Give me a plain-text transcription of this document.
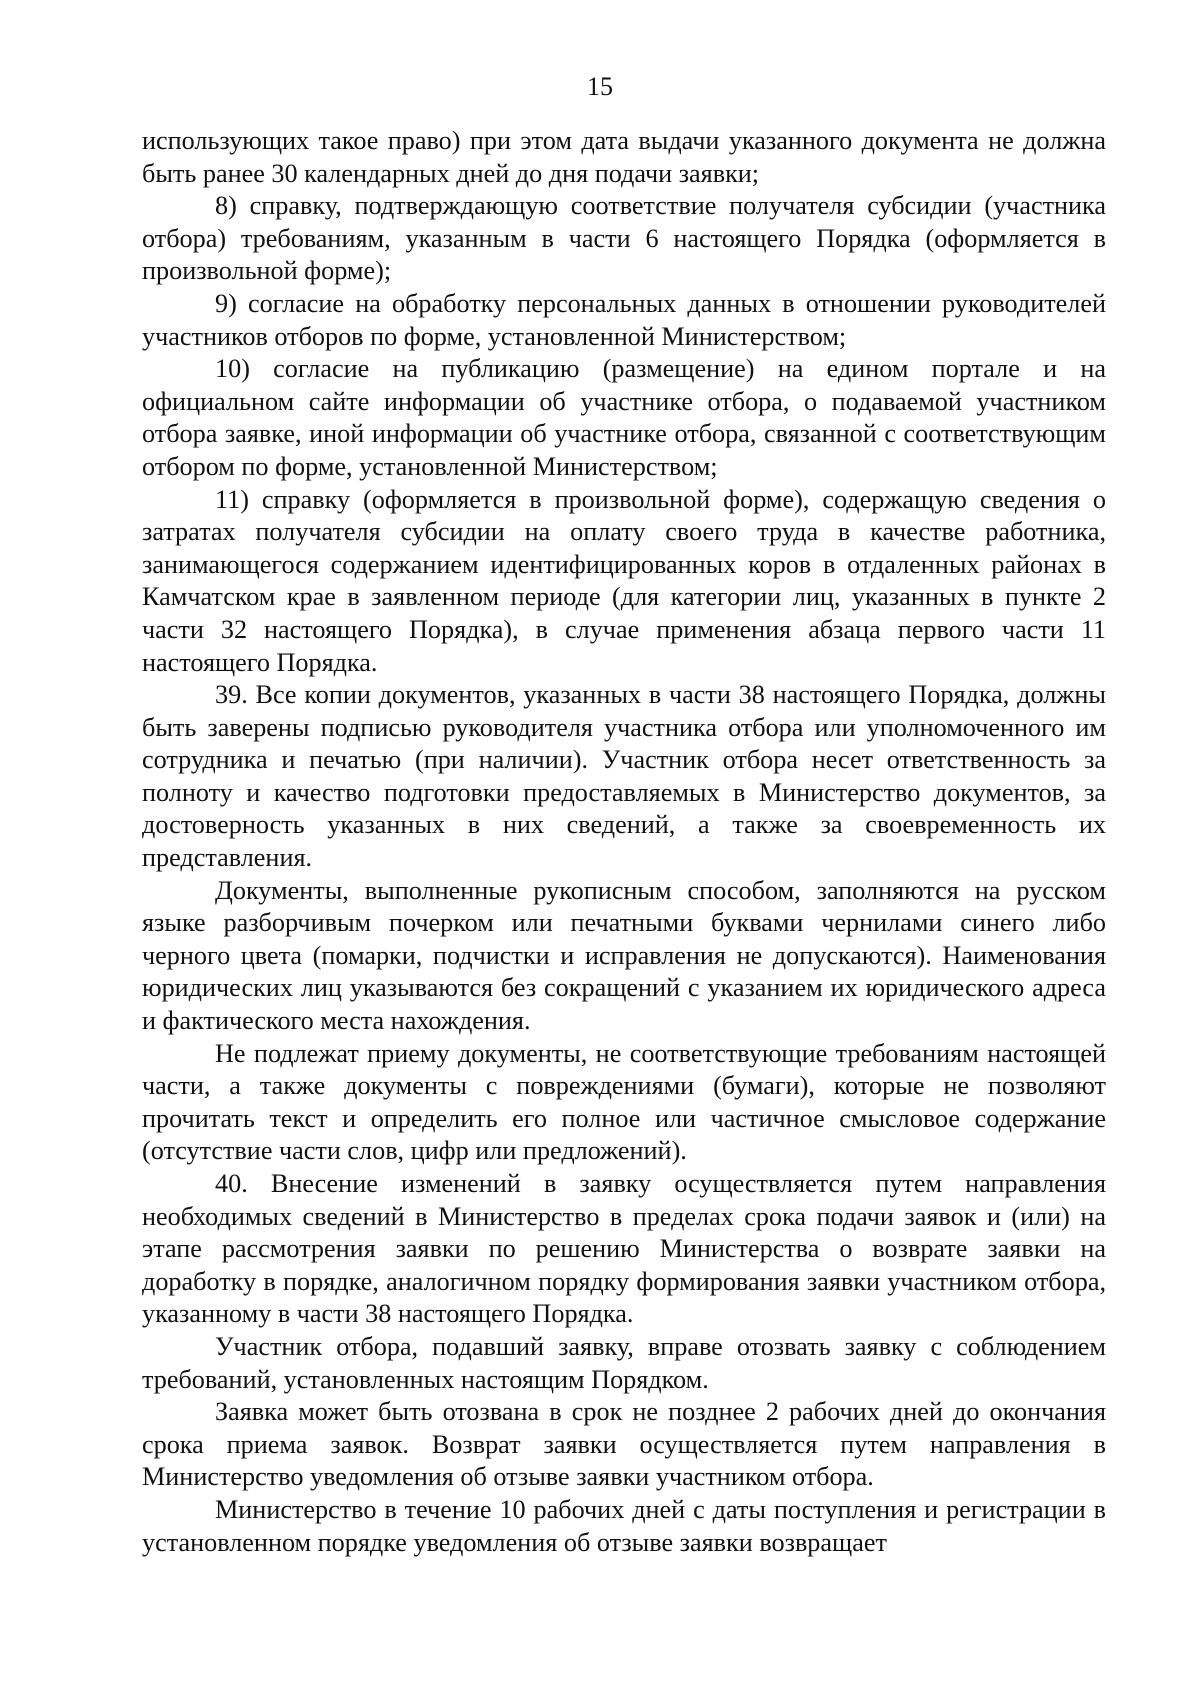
15

использующих такое право) при этом дата выдачи указанного документа не должна быть ранее 30 календарных дней до дня подачи заявки;

8) справку, подтверждающую соответствие получателя субсидии (участника отбора) требованиям, указанным в части 6 настоящего Порядка (оформляется в произвольной форме);

9) согласие на обработку персональных данных в отношении руководителей участников отборов по форме, установленной Министерством;

10) согласие на публикацию (размещение) на едином портале и на официальном сайте информации об участнике отбора, о подаваемой участником отбора заявке, иной информации об участнике отбора, связанной с соответствующим отбором по форме, установленной Министерством;

11) справку (оформляется в произвольной форме), содержащую сведения о затратах получателя субсидии на оплату своего труда в качестве работника, занимающегося содержанием идентифицированных коров в отдаленных районах в Камчатском крае в заявленном периоде (для категории лиц, указанных в пункте 2 части 32 настоящего Порядка), в случае применения абзаца первого части 11 настоящего Порядка.

39. Все копии документов, указанных в части 38 настоящего Порядка, должны быть заверены подписью руководителя участника отбора или уполномоченного им сотрудника и печатью (при наличии). Участник отбора несет ответственность за полноту и качество подготовки предоставляемых в Министерство документов, за достоверность указанных в них сведений, а также за своевременность их представления.

Документы, выполненные рукописным способом, заполняются на русском языке разборчивым почерком или печатными буквами чернилами синего либо черного цвета (помарки, подчистки и исправления не допускаются). Наименования юридических лиц указываются без сокращений с указанием их юридического адреса и фактического места нахождения.

Не подлежат приему документы, не соответствующие требованиям настоящей части, а также документы с повреждениями (бумаги), которые не позволяют прочитать текст и определить его полное или частичное смысловое содержание (отсутствие части слов, цифр или предложений).

40. Внесение изменений в заявку осуществляется путем направления необходимых сведений в Министерство в пределах срока подачи заявок и (или) на этапе рассмотрения заявки по решению Министерства о возврате заявки на доработку в порядке, аналогичном порядку формирования заявки участником отбора, указанному в части 38 настоящего Порядка.

Участник отбора, подавший заявку, вправе отозвать заявку с соблюдением требований, установленных настоящим Порядком.

Заявка может быть отозвана в срок не позднее 2 рабочих дней до окончания срока приема заявок. Возврат заявки осуществляется путем направления в Министерство уведомления об отзыве заявки участником отбора.

Министерство в течение 10 рабочих дней с даты поступления и регистрации в установленном порядке уведомления об отзыве заявки возвращает
